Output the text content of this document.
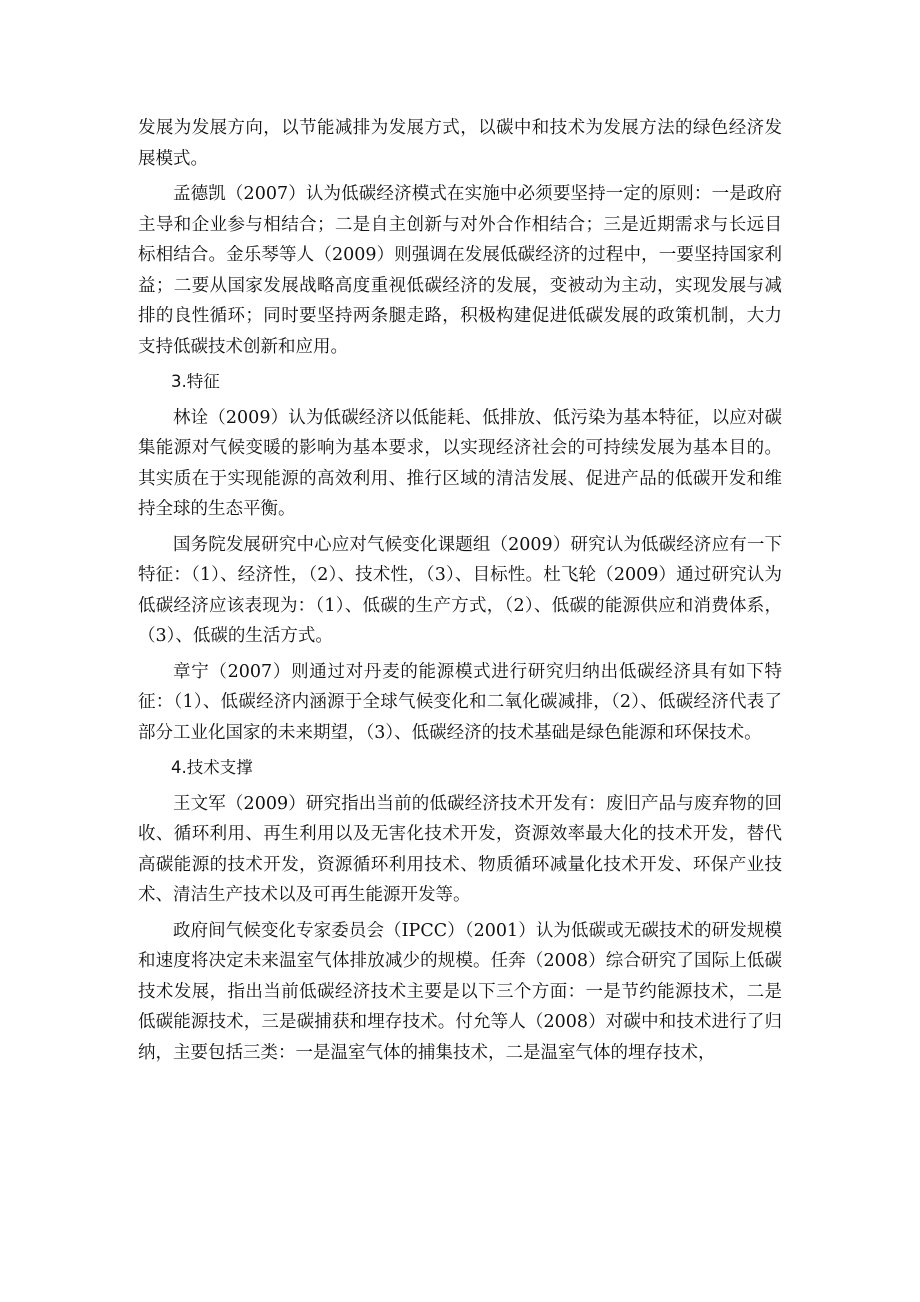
发展为发展方向，以节能减排为发展方式，以碳中和技术为发展方法的绿色经济发展模式。

孟德凯（2007）认为低碳经济模式在实施中必须要坚持一定的原则：一是政府主导和企业参与相结合；二是自主创新与对外合作相结合；三是近期需求与长远目标相结合。金乐琴等人（2009）则强调在发展低碳经济的过程中，一要坚持国家利益；二要从国家发展战略高度重视低碳经济的发展，变被动为主动，实现发展与减排的良性循环；同时要坚持两条腿走路，积极构建促进低碳发展的政策机制，大力支持低碳技术创新和应用。

3.特征

林诠（2009）认为低碳经济以低能耗、低排放、低污染为基本特征，以应对碳集能源对气候变暖的影响为基本要求，以实现经济社会的可持续发展为基本目的。其实质在于实现能源的高效利用、推行区域的清洁发展、促进产品的低碳开发和维持全球的生态平衡。

国务院发展研究中心应对气候变化课题组（2009）研究认为低碳经济应有一下特征：（1）、经济性，（2）、技术性，（3）、目标性。杜飞轮（2009）通过研究认为低碳经济应该表现为：（1）、低碳的生产方式，（2）、低碳的能源供应和消费体系，（3）、低碳的生活方式。

章宁（2007）则通过对丹麦的能源模式进行研究归纳出低碳经济具有如下特征：（1）、低碳经济内涵源于全球气候变化和二氧化碳减排，（2）、低碳经济代表了部分工业化国家的未来期望，（3）、低碳经济的技术基础是绿色能源和环保技术。

4.技术支撑

王文军（2009）研究指出当前的低碳经济技术开发有：废旧产品与废弃物的回收、循环利用、再生利用以及无害化技术开发，资源效率最大化的技术开发，替代高碳能源的技术开发，资源循环利用技术、物质循环减量化技术开发、环保产业技术、清洁生产技术以及可再生能源开发等。

政府间气候变化专家委员会（IPCC）（2001）认为低碳或无碳技术的研发规模和速度将决定未来温室气体排放减少的规模。任奔（2008）综合研究了国际上低碳技术发展，指出当前低碳经济技术主要是以下三个方面：一是节约能源技术，二是低碳能源技术，三是碳捕获和埋存技术。付允等人（2008）对碳中和技术进行了归纳，主要包括三类：一是温室气体的捕集技术，二是温室气体的埋存技术，
